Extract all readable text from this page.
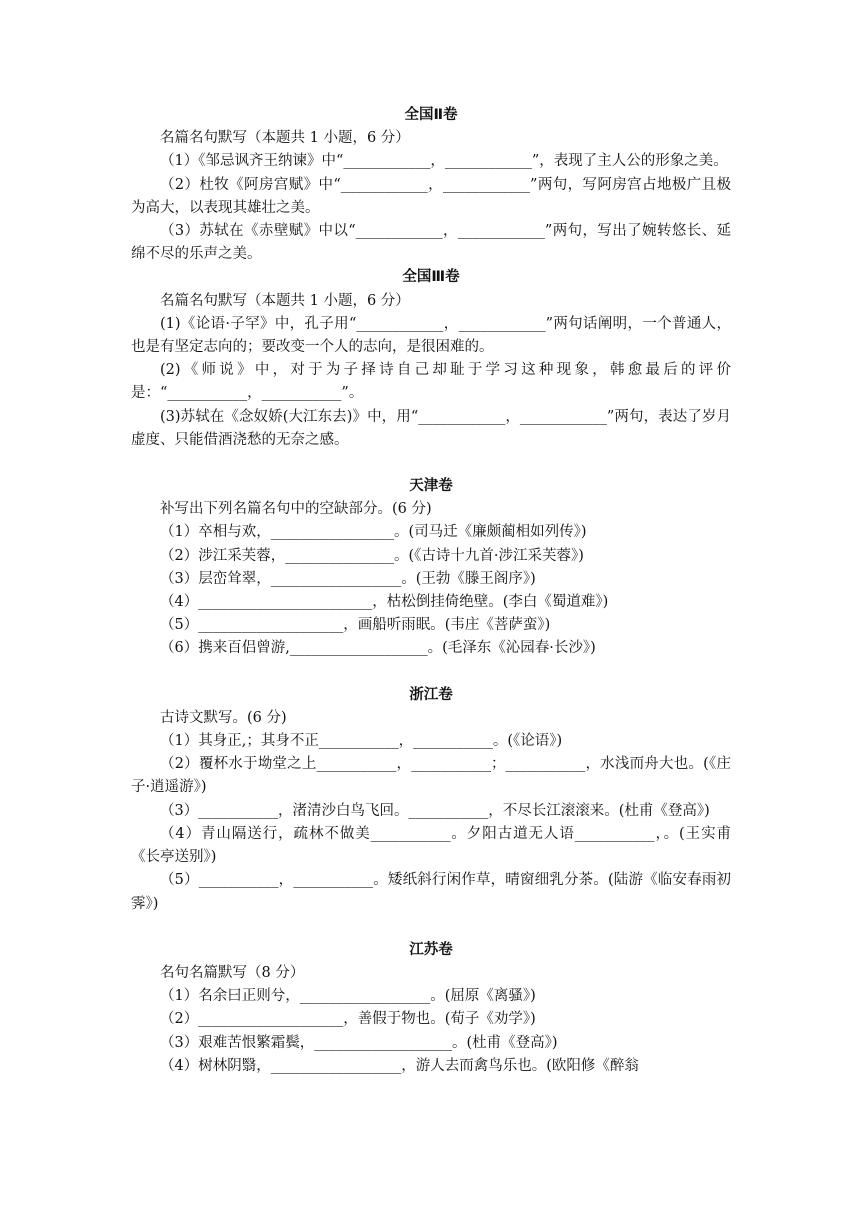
全国Ⅱ卷

名篇名句默写（本题共 1 小题，6 分）

（1）《邹忌讽齐王纳谏》中“____________，____________”，表现了主人公的形象之美。

（2）杜牧《阿房宫赋》中“____________，____________”两句，写阿房宫占地极广且极为高大，以表现其雄壮之美。

（3）苏轼在《赤壁赋》中以“____________，____________”两句，写出了婉转悠长、延绵不尽的乐声之美。

全国Ⅲ卷

名篇名句默写（本题共 1 小题，6 分）

(1)《论语·子罕》中，孔子用“____________，____________”两句话阐明，一个普通人，也是有坚定志向的；要改变一个人的志向，是很困难的。

(2)《师说》中，对于为子择诗自己却耻于学习这种现象，韩愈最后的评价是：“___________，___________”。

(3)苏轼在《念奴娇(大江东去)》中，用“____________，____________”两句，表达了岁月虚度、只能借酒浇愁的无奈之感。

天津卷

补写出下列名篇名句中的空缺部分。(6 分)

（1）卒相与欢，_________________。(司马迁《廉颇蔺相如列传》)

（2）涉江采芙蓉，_______________。(《古诗十九首·涉江采芙蓉》)

（3）层峦耸翠，__________________。(王勃《滕王阁序》)

（4）________________________，枯松倒挂倚绝壁。(李白《蜀道难》)

（5）____________________，画船听雨眠。(韦庄《菩萨蛮》)

（6）携来百侣曾游,___________________。(毛泽东《沁园春·长沙》)

浙江卷

古诗文默写。(6 分)

（1）其身正,；其身不正___________，___________。(《论语》)

（2）覆杯水于坳堂之上___________，___________；___________，水浅而舟大也。(《庄子·逍遥游》)

（3）___________，渚清沙白鸟飞回。___________，不尽长江滚滚来。(杜甫《登高》)

（4）青山隔送行，疏林不做美___________。夕阳古道无人语___________，。(王实甫《长亭送别》)

（5）___________，___________。矮纸斜行闲作草，晴窗细乳分茶。(陆游《临安春雨初霁》)

江苏卷

名句名篇默写（8 分）

（1）名余曰正则兮，__________________。(屈原《离骚》)

（2）____________________，善假于物也。(荀子《劝学》)

（3）艰难苦恨繁霜鬓，___________________。(杜甫《登高》)

（4）树林阴翳，__________________，游人去而禽鸟乐也。(欧阳修《醉翁
